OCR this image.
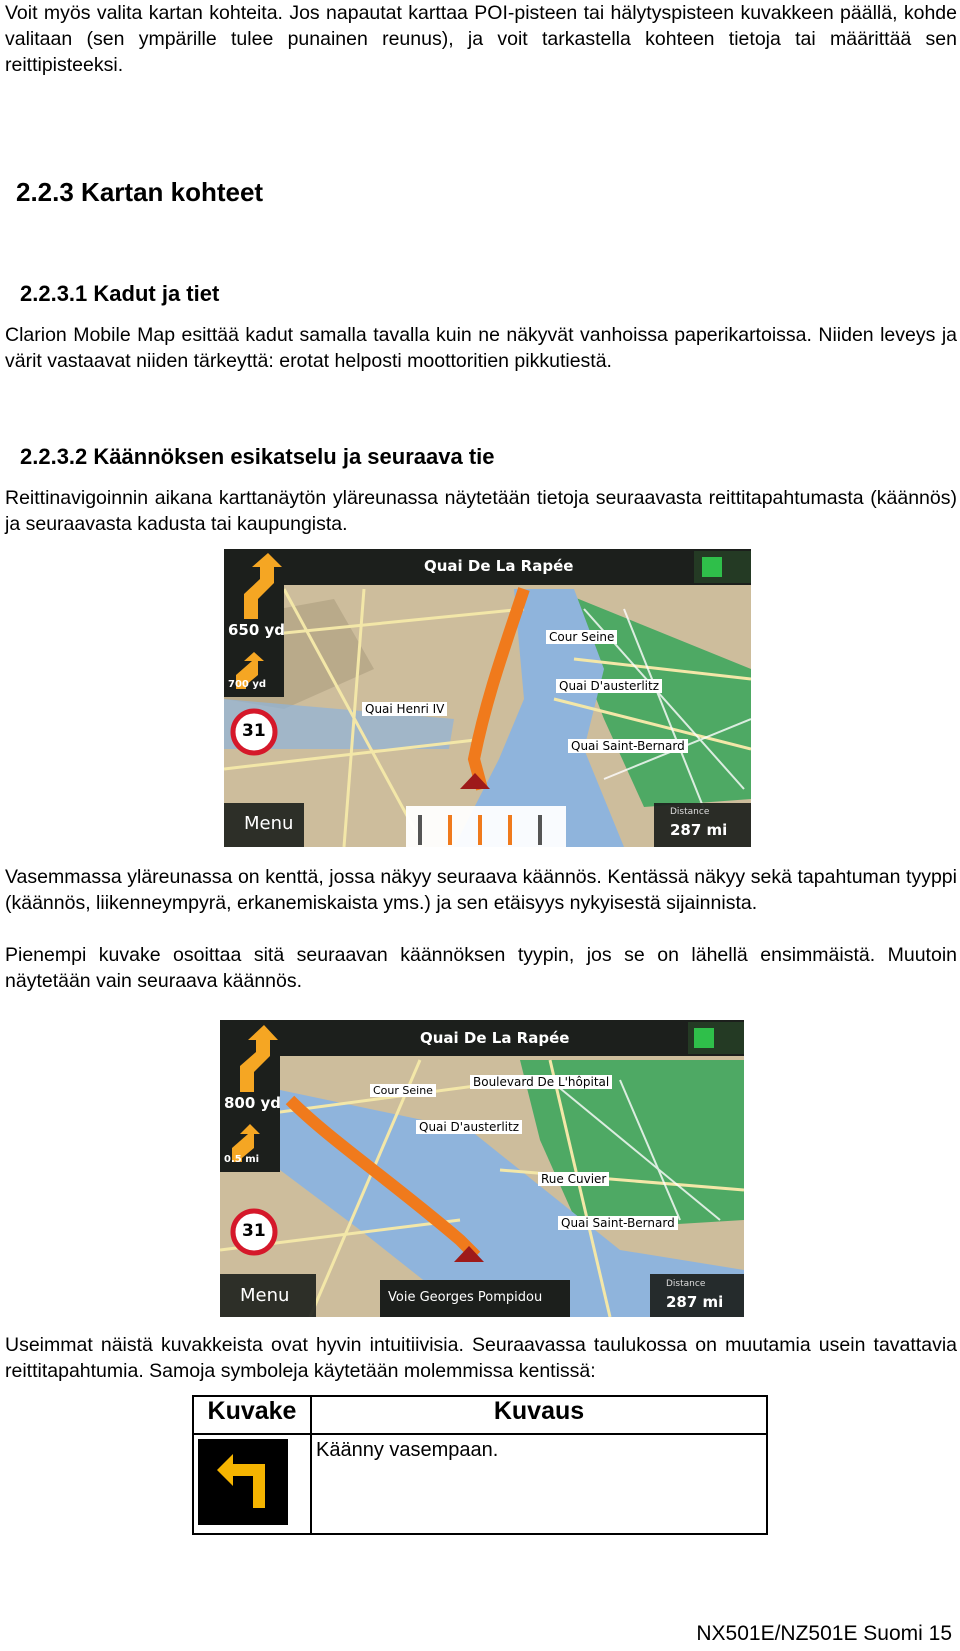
Voit myös valita kartan kohteita. Jos napautat karttaa POI-pisteen tai hälytyspisteen kuvakkeen päällä, kohde valitaan (sen ympärille tulee punainen reunus), ja voit tarkastella kohteen tietoja tai määrittää sen reittipisteeksi.

2.2.3 Kartan kohteet
2.2.3.1 Kadut ja tiet

Clarion Mobile Map esittää kadut samalla tavalla kuin ne näkyvät vanhoissa paperikartoissa. Niiden leveys ja värit vastaavat niiden tärkeyttä: erotat helposti moottoritien pikkutiestä.

2.2.3.2 Käännöksen esikatselu ja seuraava tie

Reittinavigoinnin aikana karttanäytön yläreunassa näytetään tietoja seuraavasta reittitapahtumasta (käännös) ja seuraavasta kadusta tai kaupungista.

Quai De La Rapée
650 yd
700 yd
31
Cour Seine
Quai D'austerlitz
Quai Henri IV
Quai Saint-Bernard
Menu
Distance
287 mi

Vasemmassa yläreunassa on kenttä, jossa näkyy seuraava käännös. Kentässä näkyy sekä tapahtuman tyyppi (käännös, liikenneympyrä, erkanemiskaista yms.) ja sen etäisyys nykyisestä sijainnista.

Pienempi kuvake osoittaa sitä seuraavan käännöksen tyypin, jos se on lähellä ensimmäistä. Muutoin näytetään vain seuraava käännös.

Quai De La Rapée
800 yd
0.5 mi
31
Boulevard De L'hôpital
Cour Seine
Quai D'austerlitz
Rue Cuvier
Quai Saint-Bernard
Voie Georges Pompidou
Menu
Distance
287 mi

Useimmat näistä kuvakkeista ovat hyvin intuitiivisia. Seuraavassa taulukossa on muutamia usein tavattavia reittitapahtumia. Samoja symboleja käytetään molemmissa kentissä:

Kuvake	Kuvaus

	Käänny vasempaan.
NX501E/NZ501E Suomi 15
